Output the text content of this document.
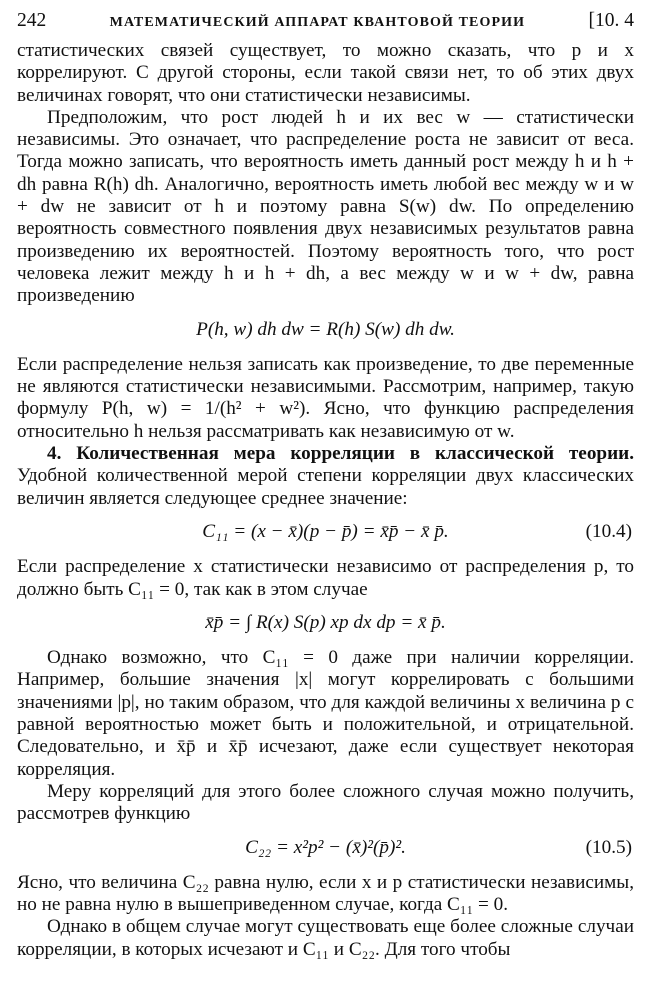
242	МАТЕМАТИЧЕСКИЙ АППАРАТ КВАНТОВОЙ ТЕОРИИ	[10. 4

статистических связей существует, то можно сказать, что p и x коррелируют. С другой стороны, если такой связи нет, то об этих двух величинах говорят, что они статистически независимы.

Предположим, что рост людей h и их вес w — статистически независимы. Это означает, что распределение роста не зависит от веса. Тогда можно записать, что вероятность иметь данный рост между h и h + dh равна R(h) dh. Аналогично, вероятность иметь любой вес между w и w + dw не зависит от h и поэтому равна S(w) dw. По определению вероятность совместного появления двух независимых результатов равна произведению их вероятностей. Поэтому вероятность того, что рост человека лежит между h и h + dh, а вес между w и w + dw, равна произведению

P(h, w) dh dw = R(h) S(w) dh dw.

Если распределение нельзя записать как произведение, то две переменные не являются статистически независимыми. Рассмотрим, например, такую формулу P(h, w) = 1/(h² + w²). Ясно, что функцию распределения относительно h нельзя рассматривать как независимую от w.

4. Количественная мера корреляции в классической теории. Удобной количественной мерой степени корреляции двух классических величин является следующее среднее значение:

C₁₁ = (x − x̄)(p − p̄) = x̄p̄ − x̄ p̄.	(10.4)

Если распределение x статистически независимо от распределения p, то должно быть C₁₁ = 0, так как в этом случае

x̄p̄ = ∫ R(x) S(p) xp dx dp = x̄ p̄.

Однако возможно, что C₁₁ = 0 даже при наличии корреляции. Например, большие значения |x| могут коррелировать с большими значениями |p|, но таким образом, что для каждой величины x величина p с равной вероятностью может быть и положительной, и отрицательной. Следовательно, и x̄p̄ и x̄p̄ исчезают, даже если существует некоторая корреляция.

Меру корреляций для этого более сложного случая можно получить, рассмотрев функцию

C₂₂ = x²p² − (x̄)²(p̄)².	(10.5)

Ясно, что величина C₂₂ равна нулю, если x и p статистически независимы, но не равна нулю в вышеприведенном случае, когда C₁₁ = 0.

Однако в общем случае могут существовать еще более сложные случаи корреляции, в которых исчезают и C₁₁ и C₂₂. Для того чтобы
